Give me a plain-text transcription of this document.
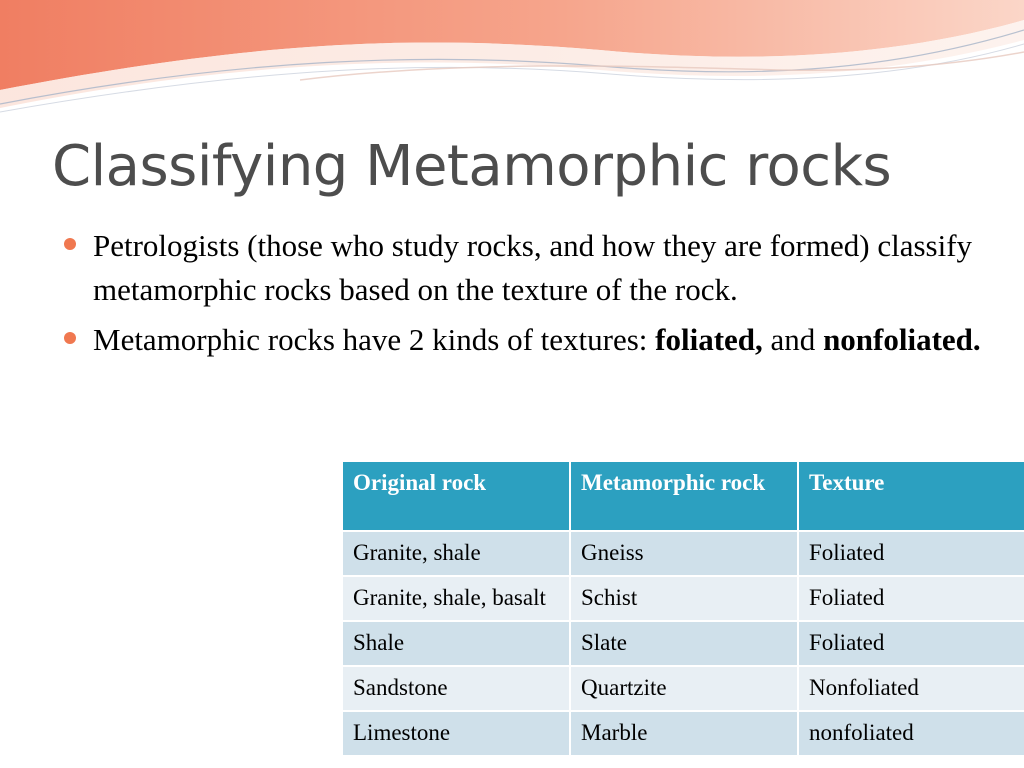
Classifying Metamorphic rocks
Petrologists (those who study rocks, and how they are formed) classify metamorphic rocks based on the texture of the rock.
Metamorphic rocks have 2 kinds of textures: foliated, and nonfoliated.
Original rock	Metamorphic rock	Texture
Granite, shale	Gneiss	Foliated
Granite, shale, basalt	Schist	Foliated
Shale	Slate	Foliated
Sandstone	Quartzite	Nonfoliated
Limestone	Marble	nonfoliated
